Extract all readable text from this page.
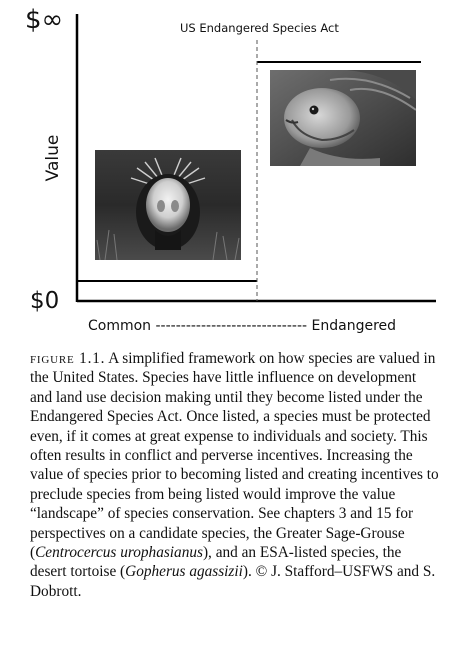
$∞
$0
US Endangered Species Act
Value
Common ------------------------------ Endangered
figure 1.1. A simplified framework on how species are valued in the United States. Species have little influence on development and land use decision making until they become listed under the Endangered Species Act. Once listed, a species must be protected even, if it comes at great expense to individuals and society. This often results in conflict and perverse incentives. Increasing the value of species prior to becoming listed and creating incentives to preclude species from being listed would improve the value “landscape” of species conservation. See chapters 3 and 15 for perspectives on a candidate species, the Greater Sage-Grouse (Centrocercus urophasianus), and an ESA-listed species, the desert tortoise (Gopherus agassizii). © J. Stafford–USFWS and S. Dobrott.
